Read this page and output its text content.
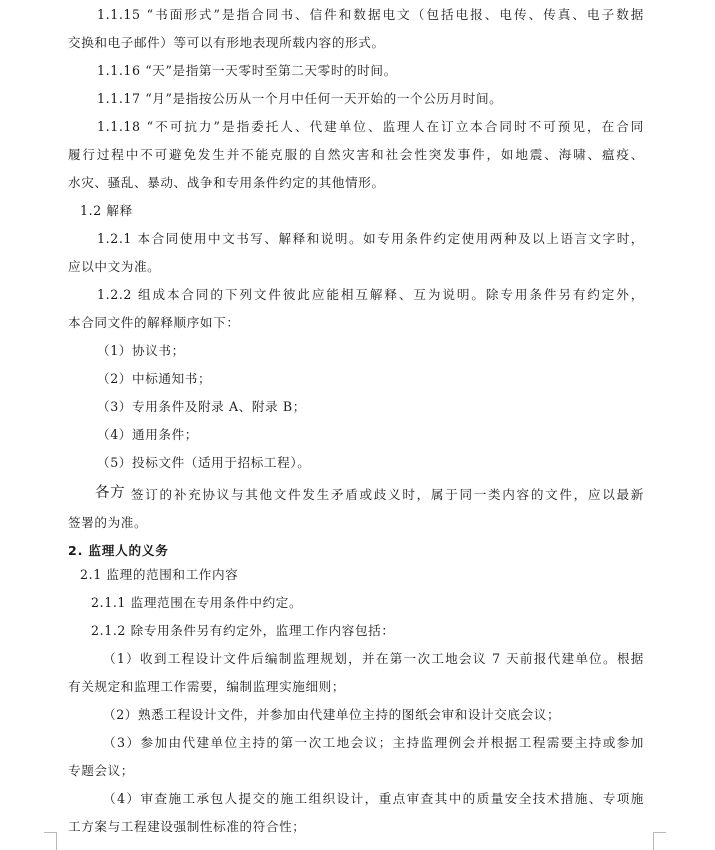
1.1.15 “书面形式”是指合同书、信件和数据电文（包括电报、电传、传真、电子数据
交换和电子邮件）等可以有形地表现所载内容的形式。
1.1.16 “天”是指第一天零时至第二天零时的时间。
1.1.17 “月”是指按公历从一个月中任何一天开始的一个公历月时间。
1.1.18 “不可抗力”是指委托人、代建单位、监理人在订立本合同时不可预见，在合同
履行过程中不可避免发生并不能克服的自然灾害和社会性突发事件，如地震、海啸、瘟疫、
水灾、骚乱、暴动、战争和专用条件约定的其他情形。
1.2 解释
1.2.1 本合同使用中文书写、解释和说明。如专用条件约定使用两种及以上语言文字时，
应以中文为准。
1.2.2 组成本合同的下列文件彼此应能相互解释、互为说明。除专用条件另有约定外，
本合同文件的解释顺序如下：
（1）协议书；
（2）中标通知书；
（3）专用条件及附录 A、附录 B；
（4）通用条件；
（5）投标文件（适用于招标工程）。
各方 签订的补充协议与其他文件发生矛盾或歧义时，属于同一类内容的文件，应以最新
签署的为准。
2. 监理人的义务
2.1 监理的范围和工作内容
2.1.1 监理范围在专用条件中约定。
2.1.2 除专用条件另有约定外，监理工作内容包括：
（1）收到工程设计文件后编制监理规划，并在第一次工地会议 7 天前报代建单位。根据
有关规定和监理工作需要，编制监理实施细则；
（2）熟悉工程设计文件，并参加由代建单位主持的图纸会审和设计交底会议；
（3）参加由代建单位主持的第一次工地会议；主持监理例会并根据工程需要主持或参加
专题会议；
（4）审查施工承包人提交的施工组织设计，重点审查其中的质量安全技术措施、专项施
工方案与工程建设强制性标准的符合性；
